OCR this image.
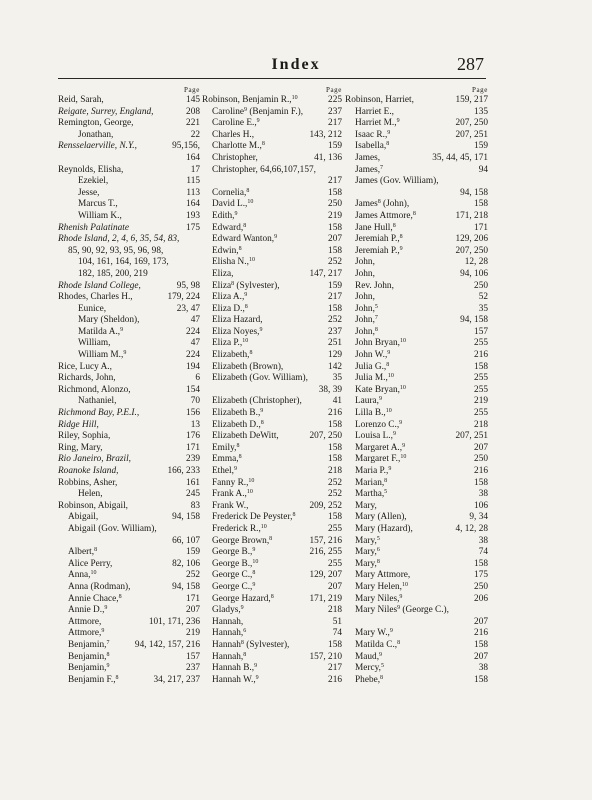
Index	287
Page
Reid, Sarah,	145
Reigate, Surrey, England,	208
Remington, George,	221
Jonathan,	22
Rensselaerville, N.Y.,	95,156,
164
Reynolds, Elisha,	17
Ezekiel,	115
Jesse,	113
Marcus T.,	164
William K.,	193
Rhenish Palatinate	175
Rhode Island, 2, 4, 6, 35, 54, 83,
85, 90, 92, 93, 95, 96, 98,
104, 161, 164, 169, 173,
182, 185, 200, 219
Rhode Island College,	95, 98
Rhodes, Charles H.,	179, 224
Eunice,	23, 47
Mary (Sheldon),	47
Matilda A.,$^9$	224
William,	47
William M.,$^9$	224
Rice, Lucy A.,	194
Richards, John,	6
Richmond, Alonzo,	154
Nathaniel,	70
Richmond Bay, P.E.I.,	156
Ridge Hill,	13
Riley, Sophia,	176
Ring, Mary,	171
Rio Janeiro, Brazil,	239
Roanoke Island,	166, 233
Robbins, Asher,	161
Helen,	245
Robinson, Abigail,	83
Abigail,	94, 158
Abigail (Gov. William),
66, 107
Albert,$^8$	159
Alice Perry,	82, 106
Anna,$^{10}$	252
Anna (Rodman),	94, 158
Annie Chace,$^8$	171
Annie D.,$^9$	207
Attmore,	101, 171, 236
Attmore,$^9$	219
Benjamin,$^7$	94, 142, 157, 216
Benjamin,$^8$	157
Benjamin,$^9$	237
Benjamin F.,$^8$	34, 217, 237
Page
Robinson, Benjamin R.,$^{10}$	225
Caroline$^9$ (Benjamin F.),	237
Caroline E.,$^9$	217
Charles H.,	143, 212
Charlotte M.,$^8$	159
Christopher,	41, 136
Christopher, 64,66,107,157,
217
Cornelia,$^8$	158
David L.,$^{10}$	250
Edith,$^9$	219
Edward,$^8$	158
Edward Wanton,$^9$	207
Edwin,$^8$	158
Elisha N.,$^{10}$	252
Eliza,	147, 217
Eliza$^8$ (Sylvester),	159
Eliza A.,$^9$	217
Eliza D.,$^8$	158
Eliza Hazard,	252
Eliza Noyes,$^9$	237
Eliza P.,$^{10}$	251
Elizabeth,$^8$	129
Elizabeth (Brown),	142
Elizabeth (Gov. William),	35
38, 39
Elizabeth (Christopher),	41
Elizabeth B.,$^9$	216
Elizabeth D.,$^8$	158
Elizabeth DeWitt,	207, 250
Emily,$^8$	158
Emma,$^8$	158
Ethel,$^9$	218
Fanny R.,$^{10}$	252
Frank A.,$^{10}$	252
Frank W.,	209, 252
Frederick De Peyster,$^8$	158
Frederick R.,$^{10}$	255
George Brown,$^8$	157, 216
George B.,$^9$	216, 255
George B.,$^{10}$	255
George C.,$^8$	129, 207
George C.,$^9$	207
George Hazard,$^8$	171, 219
Gladys,$^9$	218
Hannah,	51
Hannah,$^6$	74
Hannah$^8$ (Sylvester),	158
Hannah,$^8$	157, 210
Hannah B.,$^9$	217
Hannah W.,$^9$	216
Page
Robinson, Harriet,	159, 217
Harriet E.,	135
Harriet M.,$^9$	207, 250
Isaac R.,$^9$	207, 251
Isabella,$^8$	159
James,	35, 44, 45, 171
James,$^7$	94
James (Gov. William),
94, 158
James$^8$ (John),	158
James Attmore,$^8$	171, 218
Jane Hull,$^8$	171
Jeremiah P.,$^8$	129, 206
Jeremiah P.,$^9$	207, 250
John,	12, 28
John,	94, 106
Rev. John,	250
John,	52
John,$^5$	35
John,$^7$	94, 158
John,$^8$	157
John Bryan,$^{10}$	255
John W.,$^9$	216
Julia G.,$^8$	158
Julia M.,$^{10}$	255
Kate Bryan,$^{10}$	255
Laura,$^9$	219
Lilla B.,$^{10}$	255
Lorenzo C.,$^9$	218
Louisa L.,$^9$	207, 251
Margaret A.,$^9$	207
Margaret F.,$^{10}$	250
Maria P.,$^9$	216
Marian,$^8$	158
Martha,$^5$	38
Mary,	106
Mary (Allen),	9, 34
Mary (Hazard),	4, 12, 28
Mary,$^5$	38
Mary,$^6$	74
Mary,$^8$	158
Mary Attmore,	175
Mary Helen,$^{10}$	250
Mary Niles,$^9$	206
Mary Niles$^9$ (George C.),
207
Mary W.,$^9$	216
Matilda C.,$^8$	158
Maud,$^9$	207
Mercy,$^5$	38
Phebe,$^8$	158
